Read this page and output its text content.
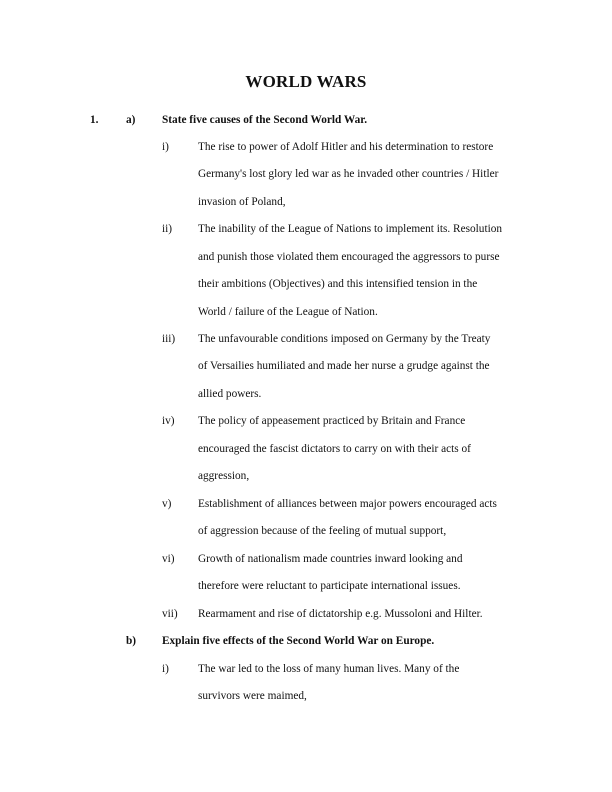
WORLD WARS
1. a) State five causes of the Second World War.
i)	The rise to power of Adolf Hitler and his determination to restore
Germany's lost glory led war as he invaded other countries / Hitler
invasion of Poland,
ii) The inability of the League of Nations to implement its. Resolution
and punish those violated them encouraged the aggressors to purse
their ambitions (Objectives) and this intensified tension in the
World / failure of the League of Nation.
iii) The unfavourable conditions imposed on Germany by the Treaty
of Versailies humiliated and made her nurse a grudge against the
allied powers.
iv) The policy of appeasement practiced by Britain and France
encouraged the fascist dictators to carry on with their acts of
aggression,
v) Establishment of alliances between major powers encouraged acts
of aggression because of the feeling of mutual support,
vi) Growth of nationalism made countries inward looking and
therefore were reluctant to participate international issues.
vii) Rearmament and rise of dictatorship e.g. Mussoloni and Hilter.
b) Explain five effects of the Second World War on Europe.
i)	The war led to the loss of many human lives. Many of the
survivors were maimed,
